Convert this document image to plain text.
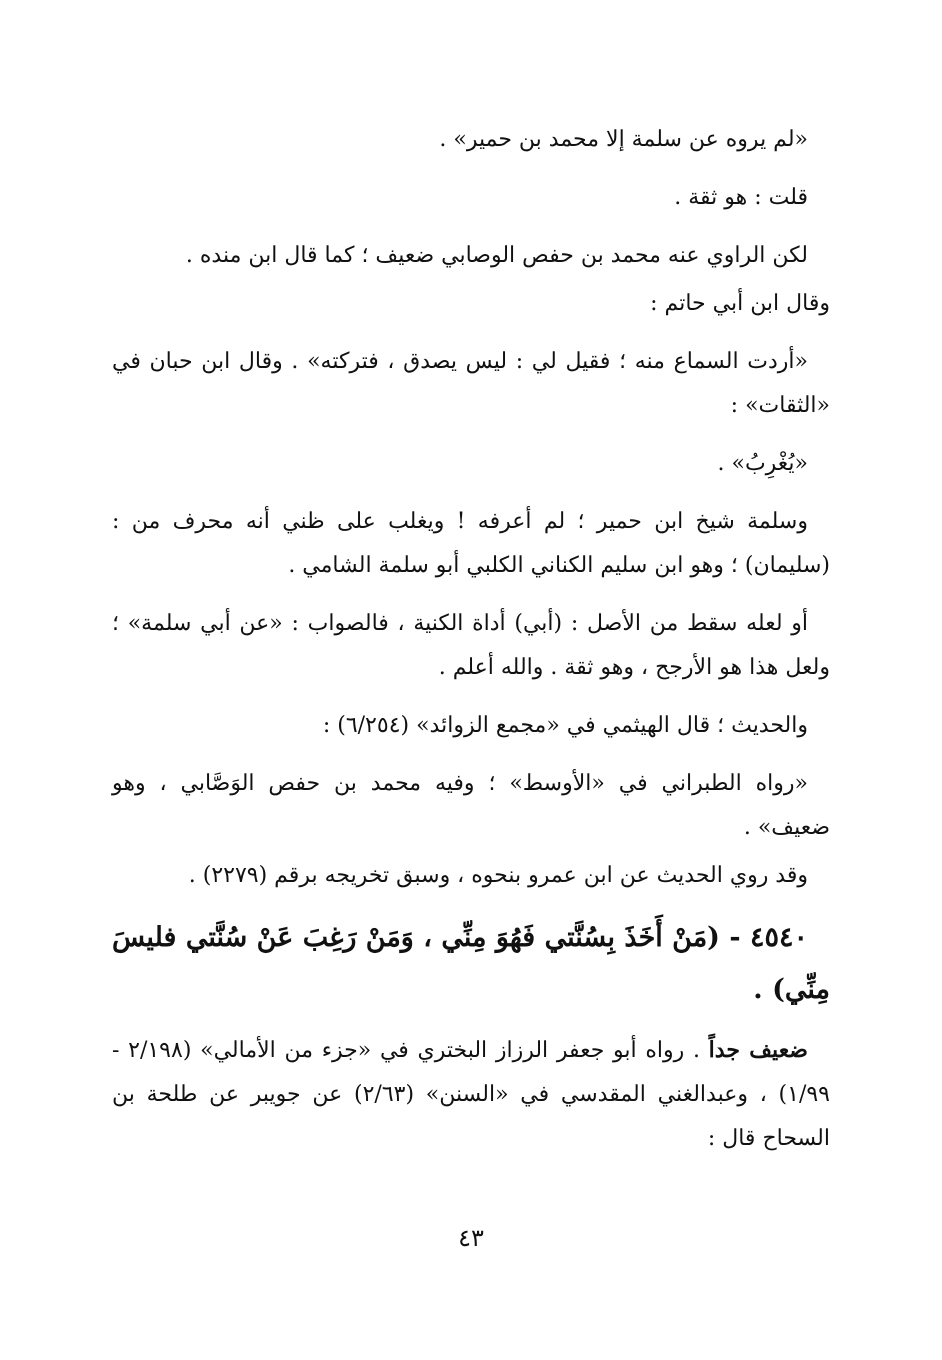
«لم يروه عن سلمة إلا محمد بن حمير» .

قلت : هو ثقة .

لكن الراوي عنه محمد بن حفص الوصابي ضعيف ؛ كما قال ابن منده .

وقال ابن أبي حاتم :

«أردت السماع منه ؛ فقيل لي : ليس يصدق ، فتركته» . وقال ابن حبان في «الثقات» :

«يُغْرِبُ» .

وسلمة شيخ ابن حمير ؛ لم أعرفه ! ويغلب على ظني أنه محرف من : (سليمان) ؛ وهو ابن سليم الكناني الكلبي أبو سلمة الشامي .

أو لعله سقط من الأصل : (أبي) أداة الكنية ، فالصواب : «عن أبي سلمة» ؛ ولعل هذا هو الأرجح ، وهو ثقة . والله أعلم .

والحديث ؛ قال الهيثمي في «مجمع الزوائد» (٦/٢٥٤) :

«رواه الطبراني في «الأوسط» ؛ وفيه محمد بن حفص الوَصَّابي ، وهو ضعيف» .

وقد روي الحديث عن ابن عمرو بنحوه ، وسبق تخريجه برقم (٢٢٧٩) .

٤٥٤٠ - (مَنْ أَخَذَ بِسُنَّتي فَهُوَ مِنِّي ، وَمَنْ رَغِبَ عَنْ سُنَّتي فليسَ مِنِّي) .

ضعيف جداً . رواه أبو جعفر الرزاز البختري في «جزء من الأمالي» (٢/١٩٨ - ١/٩٩) ، وعبدالغني المقدسي في «السنن» (٢/٦٣) عن جويبر عن طلحة بن السحاح قال :

٤٣
